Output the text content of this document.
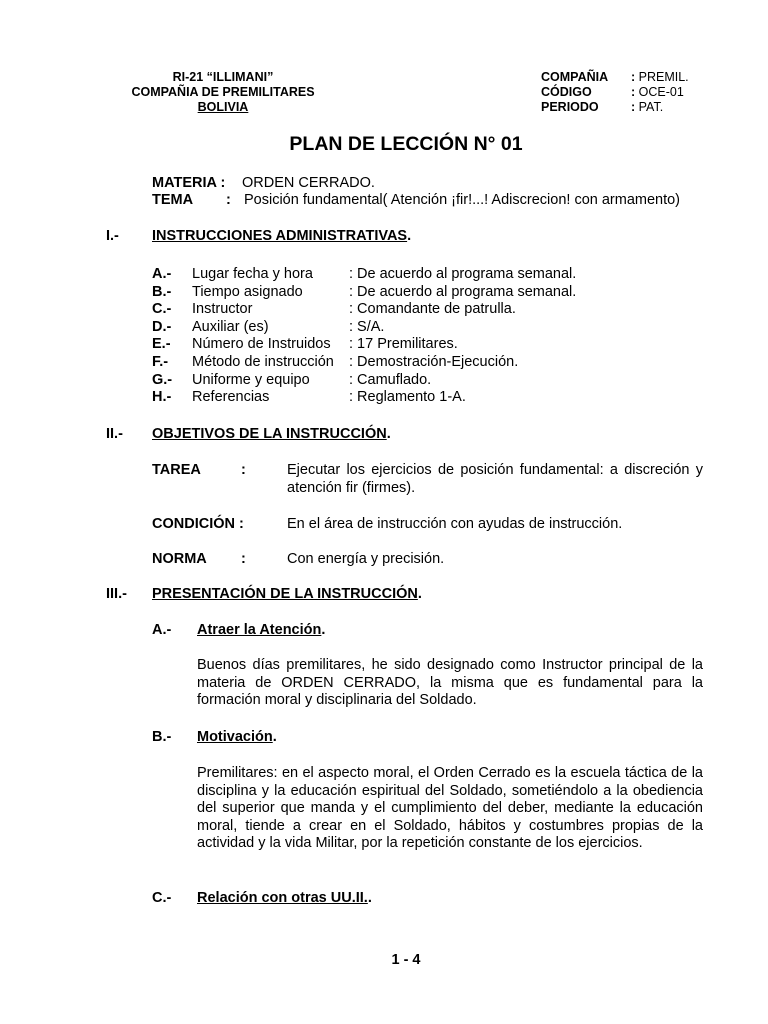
RI-21 “ILLIMANI”
COMPAÑIA DE PREMILITARES
BOLIVIA
COMPAÑIA : PREMIL.
CÓDIGO	: OCE-01
PERIODO	: PAT.
PLAN DE LECCIÓN N° 01
MATERIA : ORDEN CERRADO.
TEMA : Posición fundamental( Atención ¡fir!...! Adiscrecion! con armamento)
I.- INSTRUCCIONES ADMINISTRATIVAS.
A.- Lugar fecha y hora : De acuerdo al programa semanal.
B.- Tiempo asignado	: De acuerdo al programa semanal.
C.- Instructor	: Comandante de patrulla.
D.- Auxiliar (es)	: S/A.
E.- Número de Instruidos : 17 Premilitares.
F.- Método de instrucción : Demostración-Ejecución.
G.- Uniforme y equipo	: Camuflado.
H.- Referencias	: Reglamento 1-A.
II.- OBJETIVOS DE LA INSTRUCCIÓN.
TAREA	:	Ejecutar los ejercicios de posición fundamental: a discreción y atención fir (firmes).
CONDICIÓN :	En el área de instrucción con ayudas de instrucción.
NORMA :	Con energía y precisión.
III.- PRESENTACIÓN DE LA INSTRUCCIÓN.
A.- Atraer la Atención.
Buenos días premilitares, he sido designado como Instructor principal de la materia de ORDEN CERRADO, la misma que es fundamental para la formación moral y disciplinaria del Soldado.
B.- Motivación.
Premilitares: en el aspecto moral, el Orden Cerrado es la escuela táctica de la disciplina y la educación espiritual del Soldado, sometiéndolo a la obediencia del superior que manda y el cumplimiento del deber, mediante la educación moral, tiende a crear en el Soldado, hábitos y costumbres propias de la actividad y la vida Militar, por la repetición constante de los ejercicios.
C.- Relación con otras UU.II..
1 - 4
